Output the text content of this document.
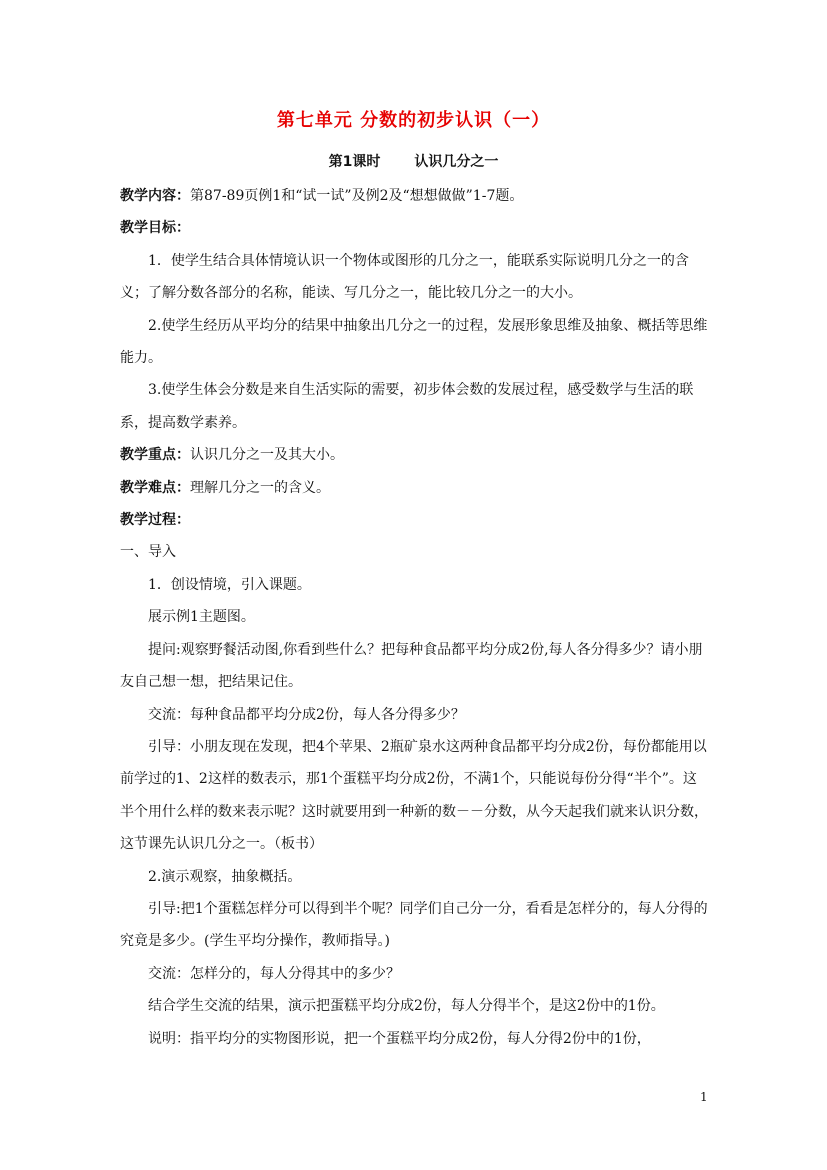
第七单元 分数的初步认识（一）
第1课时 认识几分之一

教学内容：第87-89页例1和“试一试”及例2及“想想做做”1-7题。

教学目标：

1．使学生结合具体情境认识一个物体或图形的几分之一，能联系实际说明几分之一的含义；了解分数各部分的名称，能读、写几分之一，能比较几分之一的大小。

2.使学生经历从平均分的结果中抽象出几分之一的过程，发展形象思维及抽象、概括等思维能力。

3.使学生体会分数是来自生活实际的需要，初步体会数的发展过程，感受数学与生活的联系，提高数学素养。

教学重点：认识几分之一及其大小。

教学难点：理解几分之一的含义。

教学过程：

一、导入

1．创设情境，引入课题。

展示例1主题图。

提问:观察野餐活动图,你看到些什么？把每种食品都平均分成2份,每人各分得多少？请小朋友自己想一想，把结果记住。

交流：每种食品都平均分成2份，每人各分得多少？

引导：小朋友现在发现，把4个苹果、2瓶矿泉水这两种食品都平均分成2份，每份都能用以前学过的1、2这样的数表示，那1个蛋糕平均分成2份，不满1个，只能说每份分得“半个”。这半个用什么样的数来表示呢？这时就要用到一种新的数－－分数，从今天起我们就来认识分数，这节课先认识几分之一。（板书）

2.演示观察，抽象概括。

引导:把1个蛋糕怎样分可以得到半个呢？同学们自己分一分，看看是怎样分的，每人分得的究竟是多少。(学生平均分操作，教师指导。)

交流：怎样分的，每人分得其中的多少？

结合学生交流的结果，演示把蛋糕平均分成2份，每人分得半个，是这2份中的1份。

说明：指平均分的实物图形说，把一个蛋糕平均分成2份，每人分得2份中的1份，

1
